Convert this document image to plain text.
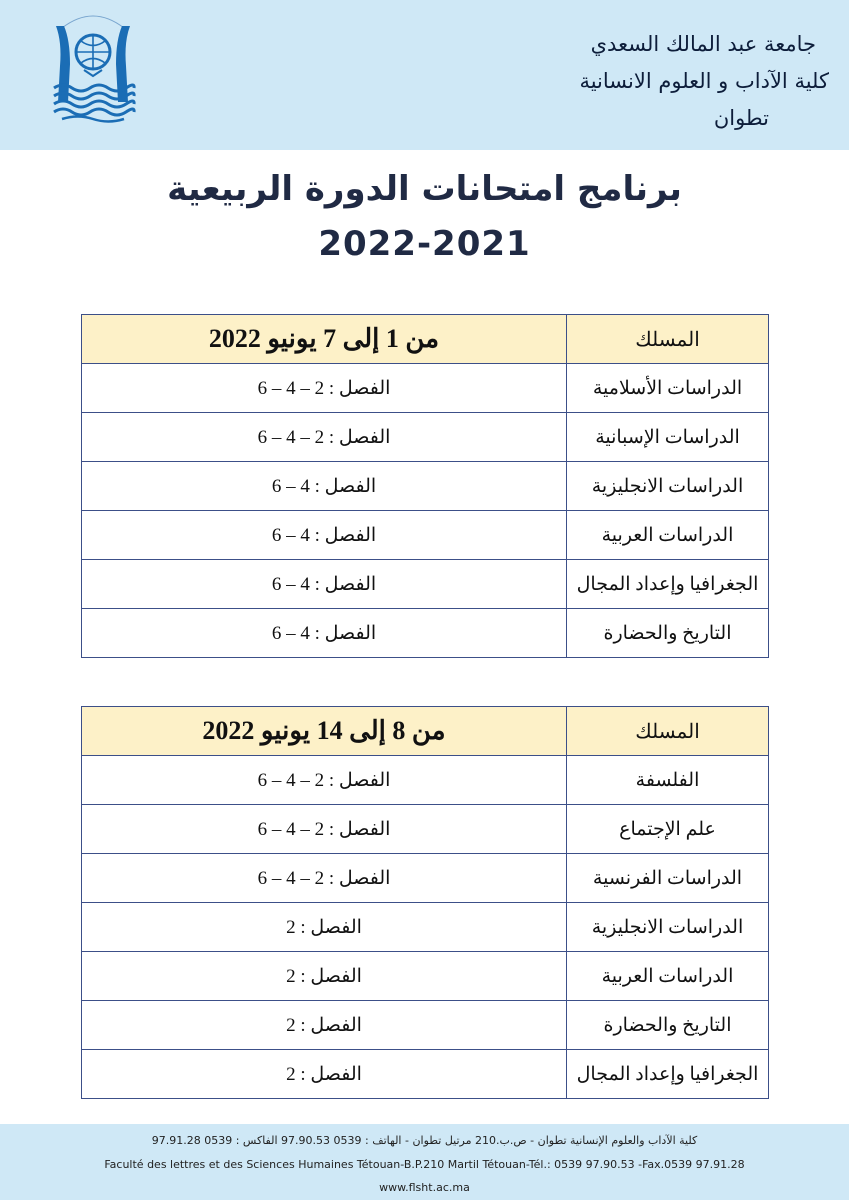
جامعة عبد المالك السعدي
كلية الآداب و العلوم الانسانية
تطوان
برنامج امتحانات الدورة الربيعية
2022-2021
المسلك	من 1 إلى 7 يونيو 2022
الدراسات الأسلامية	الفصل : 2 – 4 – 6
الدراسات الإسبانية	الفصل : 2 – 4 – 6
الدراسات الانجليزية	الفصل : 4 – 6
الدراسات العربية	الفصل : 4 – 6
الجغرافيا وإعداد المجال	الفصل : 4 – 6
التاريخ والحضارة	الفصل : 4 – 6
المسلك	من 8 إلى 14 يونيو 2022
الفلسفة	الفصل : 2 – 4 – 6
علم الإجتماع	الفصل : 2 – 4 – 6
الدراسات الفرنسية	الفصل : 2 – 4 – 6
الدراسات الانجليزية	الفصل : 2
الدراسات العربية	الفصل : 2
التاريخ والحضارة	الفصل : 2
الجغرافيا وإعداد المجال	الفصل : 2
كلية الآداب والعلوم الإنسانية تطوان - ص.ب.210 مرتيل تطوان - الهاتف : 0539 97.90.53 الفاكس : 0539 97.91.28
Faculté des lettres et des Sciences Humaines Tétouan-B.P.210 Martil Tétouan-Tél.: 0539 97.90.53 -Fax.0539 97.91.28
www.flsht.ac.ma
